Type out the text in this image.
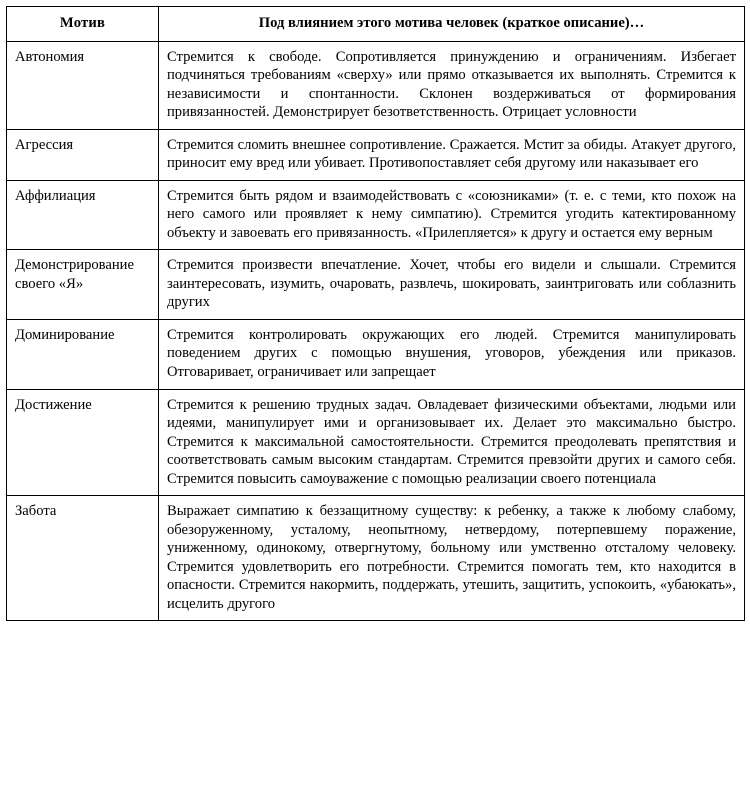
Мотив	Под влиянием этого мотива человек (краткое описание)…
Автономия	Стремится к свободе. Сопротивляется принуждению и ограничениям. Избегает подчиняться требованиям «сверху» или прямо отказывается их выполнять. Стремится к независимости и спонтанности. Склонен воздерживаться от формирования привязанностей. Демонстрирует безответственность. Отрицает условности
Агрессия	Стремится сломить внешнее сопротивление. Сражается. Мстит за обиды. Атакует другого, приносит ему вред или убивает. Противопоставляет себя другому или наказывает его
Аффилиация	Стремится быть рядом и взаимодействовать с «союзниками» (т. е. с теми, кто похож на него самого или проявляет к нему симпатию). Стремится угодить катектированному объекту и завоевать его привязанность. «Прилепляется» к другу и остается ему верным
Демонстрирование своего «Я»	Стремится произвести впечатление. Хочет, чтобы его видели и слышали. Стремится заинтересовать, изумить, очаровать, развлечь, шокировать, заинтриговать или соблазнить других
Доминирование	Стремится контролировать окружающих его людей. Стремится манипулировать поведением других с помощью внушения, уговоров, убеждения или приказов. Отговаривает, ограничивает или запрещает
Достижение	Стремится к решению трудных задач. Овладевает физическими объектами, людьми или идеями, манипулирует ими и организовывает их. Делает это максимально быстро. Стремится к максимальной самостоятельности. Стремится преодолевать препятствия и соответствовать самым высоким стандартам. Стремится превзойти других и самого себя. Стремится повысить самоуважение с помощью реализации своего потенциала
Забота	Выражает симпатию к беззащитному существу: к ребенку, а также к любому слабому, обезоруженному, усталому, неопытному, нетвердому, потерпевшему поражение, униженному, одинокому, отвергнутому, больному или умственно отсталому человеку. Стремится удовлетворить его потребности. Стремится помогать тем, кто находится в опасности. Стремится накормить, поддержать, утешить, защитить, успокоить, «убаюкать», исцелить другого
